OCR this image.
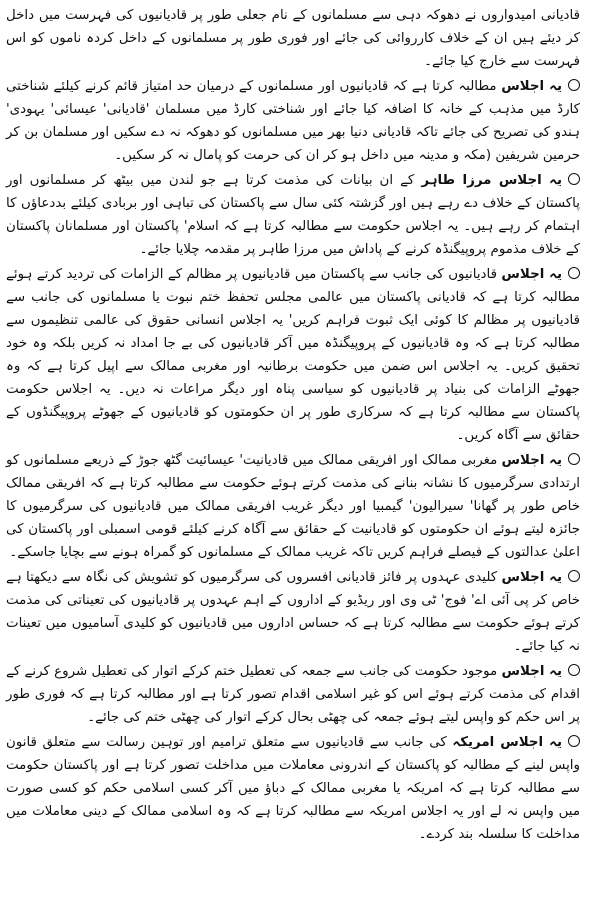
قادیانی امیدواروں نے دھوکہ دہی سے مسلمانوں کے نام جعلی طور پر قادیانیوں کی فہرست میں داخل کر دیئے ہیں ان کے خلاف کارروائی کی جائے اور فوری طور پر مسلمانوں کے داخل کردہ ناموں کو اس فہرست سے خارج کیا جائے۔

یہ اجلاس مطالبہ کرتا ہے کہ قادیانیوں اور مسلمانوں کے درمیان حد امتیاز قائم کرنے کیلئے شناختی کارڈ میں مذہب کے خانہ کا اضافہ کیا جائے اور شناختی کارڈ میں مسلمان 'قادیانی' عیسائی' یہودی' ہندو کی تصریح کی جائے تاکہ قادیانی دنیا بھر میں مسلمانوں کو دھوکہ نہ دے سکیں اور مسلمان بن کر حرمین شریفین (مکہ و مدینہ میں داخل ہو کر ان کی حرمت کو پامال نہ کر سکیں۔

یہ اجلاس مرزا طاہر کے ان بیانات کی مذمت کرتا ہے جو لندن میں بیٹھ کر مسلمانوں اور پاکستان کے خلاف دے رہے ہیں اور گزشتہ کئی سال سے پاکستان کی تباہی اور بربادی کیلئے بددعاؤں کا اہتمام کر رہے ہیں۔ یہ اجلاس حکومت سے مطالبہ کرتا ہے کہ اسلام' پاکستان اور مسلمانان پاکستان کے خلاف مذموم پروپیگنڈہ کرنے کے پاداش میں مرزا طاہر پر مقدمہ چلایا جائے۔

یہ اجلاس قادیانیوں کی جانب سے پاکستان میں قادیانیوں پر مظالم کے الزامات کی تردید کرتے ہوئے مطالبہ کرتا ہے کہ قادیانی پاکستان میں عالمی مجلس تحفظ ختم نبوت یا مسلمانوں کی جانب سے قادیانیوں پر مظالم کا کوئی ایک ثبوت فراہم کریں' یہ اجلاس انسانی حقوق کی عالمی تنظیموں سے مطالبہ کرتا ہے کہ وہ قادیانیوں کے پروپیگنڈہ میں آکر قادیانیوں کی بے جا امداد نہ کریں بلکہ وہ خود تحقیق کریں۔ یہ اجلاس اس ضمن میں حکومت برطانیہ اور مغربی ممالک سے اپیل کرتا ہے کہ وہ جھوٹے الزامات کی بنیاد پر قادیانیوں کو سیاسی پناہ اور دیگر مراعات نہ دیں۔ یہ اجلاس حکومت پاکستان سے مطالبہ کرتا ہے کہ سرکاری طور پر ان حکومتوں کو قادیانیوں کے جھوٹے پروپیگنڈوں کے حقائق سے آگاہ کریں۔

یہ اجلاس مغربی ممالک اور افریقی ممالک میں قادیانیت' عیسائیت گٹھ جوڑ کے ذریعے مسلمانوں کو ارتدادی سرگرمیوں کا نشانہ بنانے کی مذمت کرتے ہوئے حکومت سے مطالبہ کرتا ہے کہ افریقی ممالک خاص طور پر گھانا' سیرالیون' گیمبیا اور دیگر غریب افریقی ممالک میں قادیانیوں کی سرگرمیوں کا جائزہ لیتے ہوئے ان حکومتوں کو قادیانیت کے حقائق سے آگاہ کرنے کیلئے قومی اسمبلی اور پاکستان کی اعلیٰ عدالتوں کے فیصلے فراہم کریں تاکہ غریب ممالک کے مسلمانوں کو گمراہ ہونے سے بچایا جاسکے۔

یہ اجلاس کلیدی عہدوں پر فائز قادیانی افسروں کی سرگرمیوں کو تشویش کی نگاہ سے دیکھتا ہے خاص کر پی آئی اے' فوج' ٹی وی اور ریڈیو کے اداروں کے اہم عہدوں پر قادیانیوں کی تعیناتی کی مذمت کرتے ہوئے حکومت سے مطالبہ کرتا ہے کہ حساس اداروں میں قادیانیوں کو کلیدی آسامیوں میں تعینات نہ کیا جائے۔

یہ اجلاس موجود حکومت کی جانب سے جمعہ کی تعطیل ختم کرکے اتوار کی تعطیل شروع کرنے کے اقدام کی مذمت کرتے ہوئے اس کو غیر اسلامی اقدام تصور کرتا ہے اور مطالبہ کرتا ہے کہ فوری طور پر اس حکم کو واپس لیتے ہوئے جمعہ کی چھٹی بحال کرکے اتوار کی چھٹی ختم کی جائے۔

یہ اجلاس امریکہ کی جانب سے قادیانیوں سے متعلق ترامیم اور توہین رسالت سے متعلق قانون واپس لینے کے مطالبہ کو پاکستان کے اندرونی معاملات میں مداخلت تصور کرتا ہے اور پاکستان حکومت سے مطالبہ کرتا ہے کہ امریکہ یا مغربی ممالک کے دباؤ میں آکر کسی اسلامی حکم کو کسی صورت میں واپس نہ لے اور یہ اجلاس امریکہ سے مطالبہ کرتا ہے کہ وہ اسلامی ممالک کے دینی معاملات میں مداخلت کا سلسلہ بند کردے۔
